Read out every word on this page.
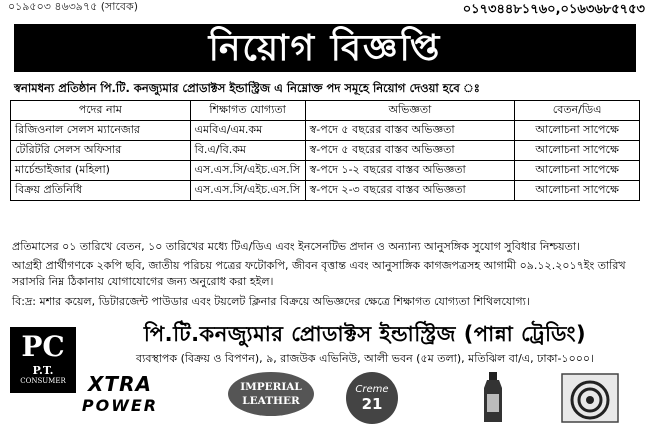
০১৯৫০৩ ৪৬৩৯৭৫ (সাবেক)	০১৭৩৪৪৮১৭৬০,০১৬৩৬৮৫৭৫৩
নিয়োগ বিজ্ঞপ্তি
স্বনামধন্য প্রতিষ্ঠান পি.টি. কনজ্যুমার প্রোডাক্টস ইন্ডাস্ট্রিজ এ নিম্নোক্ত পদ সমূহে নিয়োগ দেওয়া হবে ঃ
পদের নাম	শিক্ষাগত যোগ্যতা	অভিজ্ঞতা	বেতন/ডিএ
রিজিওনাল সেলস ম্যানেজার	এমবিএ/এম.কম	স্ব-পদে ৫ বছরের বাস্তব অভিজ্ঞতা	আলোচনা সাপেক্ষে
টেরিটরি সেলস অফিসার	বি.এ/বি.কম	স্ব-পদে ৫ বছরের বাস্তব অভিজ্ঞতা	আলোচনা সাপেক্ষে
মার্চেন্ডাইজার (মহিলা)	এস.এস.সি/এইচ.এস.সি	স্ব-পদে ১-২ বছরের বাস্তব অভিজ্ঞতা	আলোচনা সাপেক্ষে
বিক্রয় প্রতিনিধি	এস.এস.সি/এইচ.এস.সি	স্ব-পদে ২-৩ বছরের বাস্তব অভিজ্ঞতা	আলোচনা সাপেক্ষে
প্রতিমাসের ০১ তারিখে বেতন, ১০ তারিখের মধ্যে টিএ/ডিএ এবং ইনসেনটিভ প্রদান ও অন্যান্য আনুসঙ্গিক সুযোগ সুবিধার নিশ্চয়তা।
আগ্রহী প্রার্থীগণকে ২কপি ছবি, জাতীয় পরিচয় পত্রের ফটোকপি, জীবন বৃত্তান্ত এবং আনুসাঙ্গিক কাগজপত্রসহ আগামী ০৯.১২.২০১৭ইং তারিখ সরাসরি নিম্ন ঠিকানায় যোগাযোগের জন্য অনুরোধ করা হইল।
বি:দ্র: মশার কয়েল, ডিটারজেন্ট পাউডার এবং টয়লেট ক্লিনার বিক্রয়ে অভিজ্ঞদের ক্ষেত্রে শিক্ষাগত যোগ্যতা শিথিলযোগ্য।
PC
P.T.
CONSUMER
পি.টি.কনজ্যুমার প্রোডাক্টস ইন্ডাস্ট্রিজ (পান্না ট্রেডিং)
ব্যবস্থাপক (বিক্রয় ও বিপণন), ৯, রাজউক এভিনিউ, আলী ভবন (৫ম তলা), মতিঝিল বা/এ, ঢাকা-১০০০।
XTRA
POWER
IMPERIAL
LEATHER
Creme
21
